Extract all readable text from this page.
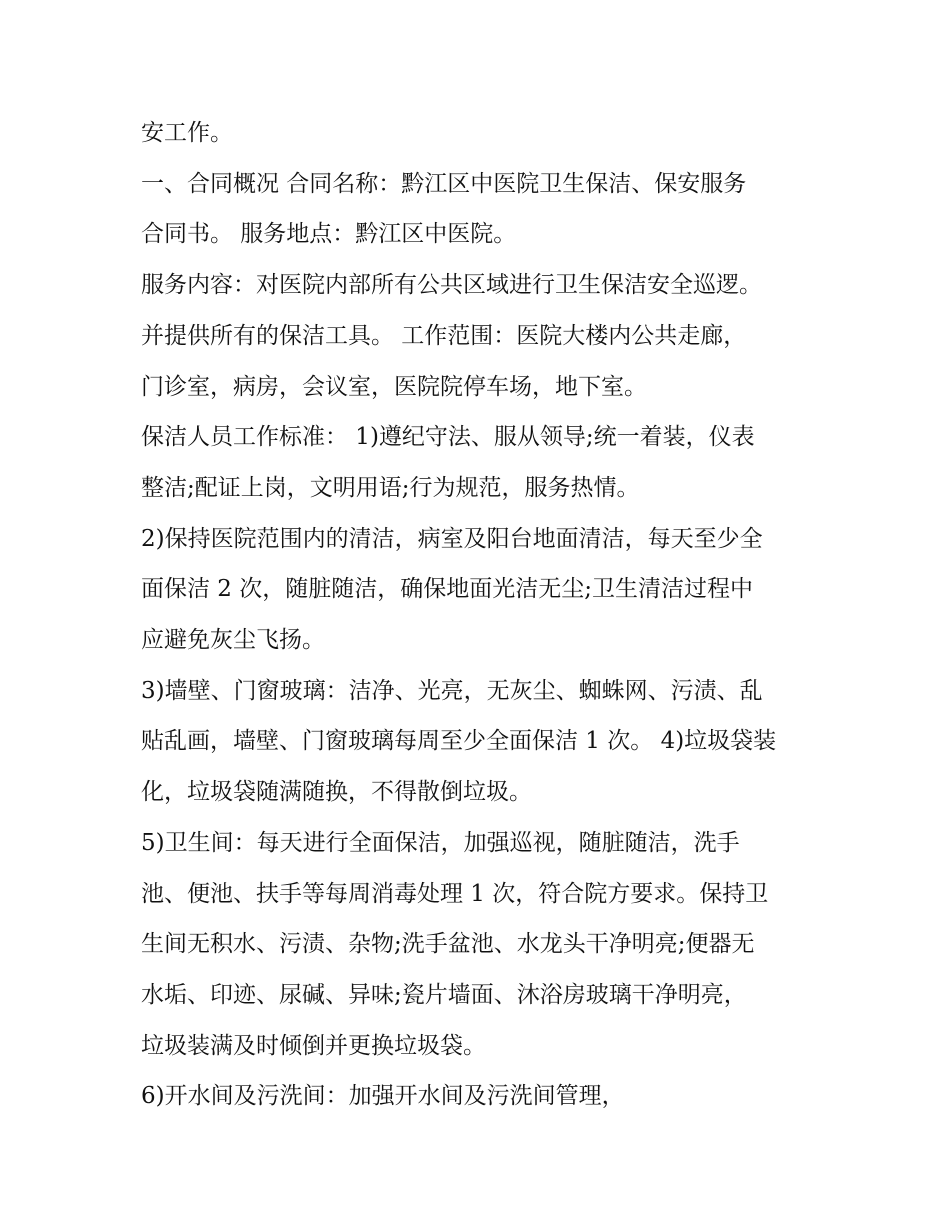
安工作。

一、合同概况 合同名称：黔江区中医院卫生保洁、保安服务
合同书。 服务地点：黔江区中医院。

服务内容：对医院内部所有公共区域进行卫生保洁安全巡逻。
并提供所有的保洁工具。 工作范围：医院大楼内公共走廊，
门诊室，病房，会议室，医院院停车场，地下室。

保洁人员工作标准： 1)遵纪守法、服从领导;统一着装，仪表
整洁;配证上岗，文明用语;行为规范，服务热情。

2)保持医院范围内的清洁，病室及阳台地面清洁，每天至少全
面保洁 2 次，随脏随洁，确保地面光洁无尘;卫生清洁过程中
应避免灰尘飞扬。

3)墙壁、门窗玻璃：洁净、光亮，无灰尘、蜘蛛网、污渍、乱
贴乱画，墙壁、门窗玻璃每周至少全面保洁 1 次。 4)垃圾袋装
化，垃圾袋随满随换，不得散倒垃圾。

5)卫生间：每天进行全面保洁，加强巡视，随脏随洁，洗手
池、便池、扶手等每周消毒处理 1 次，符合院方要求。保持卫
生间无积水、污渍、杂物;洗手盆池、水龙头干净明亮;便器无
水垢、印迹、尿碱、异味;瓷片墙面、沐浴房玻璃干净明亮，
垃圾装满及时倾倒并更换垃圾袋。

6)开水间及污洗间：加强开水间及污洗间管理，
